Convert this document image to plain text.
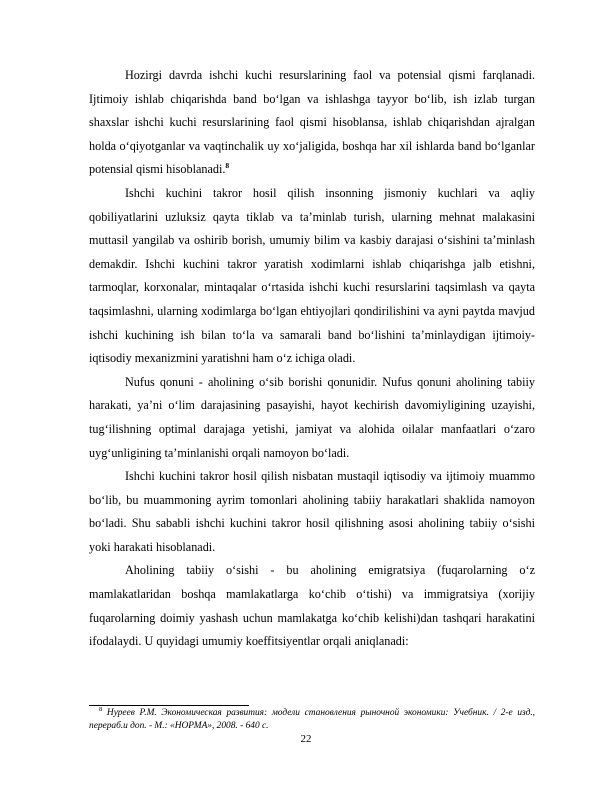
Hozirgi davrda ishchi kuchi resurslarining faol va potensial qismi farqlanadi. Ijtimoiy ishlab chiqarishda band bo‘lgan va ishlashga tayyor bo‘lib, ish izlab turgan shaxslar ishchi kuchi resurslarining faol qismi hisoblansa, ishlab chiqarishdan ajralgan holda o‘qiyotganlar va vaqtinchalik uy xo‘jaligida, boshqa har xil ishlarda band bo‘lganlar potensial qismi hisoblanadi.$^8$

Ishchi kuchini takror hosil qilish insonning jismoniy kuchlari va aqliy qobiliyatlarini uzluksiz qayta tiklab va ta’minlab turish, ularning mehnat malakasini muttasil yangilab va oshirib borish, umumiy bilim va kasbiy darajasi o‘sishini ta’minlash demakdir. Ishchi kuchini takror yaratish xodimlarni ishlab chiqarishga jalb etishni, tarmoqlar, korxonalar, mintaqalar o‘rtasida ishchi kuchi resurslarini taqsimlash va qayta taqsimlashni, ularning xodimlarga bo‘lgan ehtiyojlari qondirilishini va ayni paytda mavjud ishchi kuchining ish bilan to‘la va samarali band bo‘lishini ta’minlaydigan ijtimoiy-iqtisodiy mexanizmini yaratishni ham o‘z ichiga oladi.

Nufus qonuni - aholining o‘sib borishi qonunidir. Nufus qonuni aholining tabiiy harakati, ya’ni o‘lim darajasining pasayishi, hayot kechirish davomiyligining uzayishi, tug‘ilishning optimal darajaga yetishi, jamiyat va alohida oilalar manfaatlari o‘zaro uyg‘unligining ta’minlanishi orqali namoyon bo‘ladi.

Ishchi kuchini takror hosil qilish nisbatan mustaqil iqtisodiy va ijtimoiy muammo bo‘lib, bu muammoning ayrim tomonlari aholining tabiiy harakatlari shaklida namoyon bo‘ladi. Shu sababli ishchi kuchini takror hosil qilishning asosi aholining tabiiy o‘sishi yoki harakati hisoblanadi.

Aholining tabiiy o‘sishi - bu aholining emigratsiya (fuqarolarning o‘z mamlakatlaridan boshqa mamlakatlarga ko‘chib o‘tishi) va immigratsiya (xorijiy fuqarolarning doimiy yashash uchun mamlakatga ko‘chib kelishi)dan tashqari harakatini ifodalaydi. U quyidagi umumiy koeffitsiyentlar orqali aniqlanadi:

$^8$ Нуреев Р.М. Экономическая развития: модели становления рыночной экономики: Учебник. / 2-е изд., перераб.и доп. - М.: «НОРМА», 2008. - 640 с.
22
